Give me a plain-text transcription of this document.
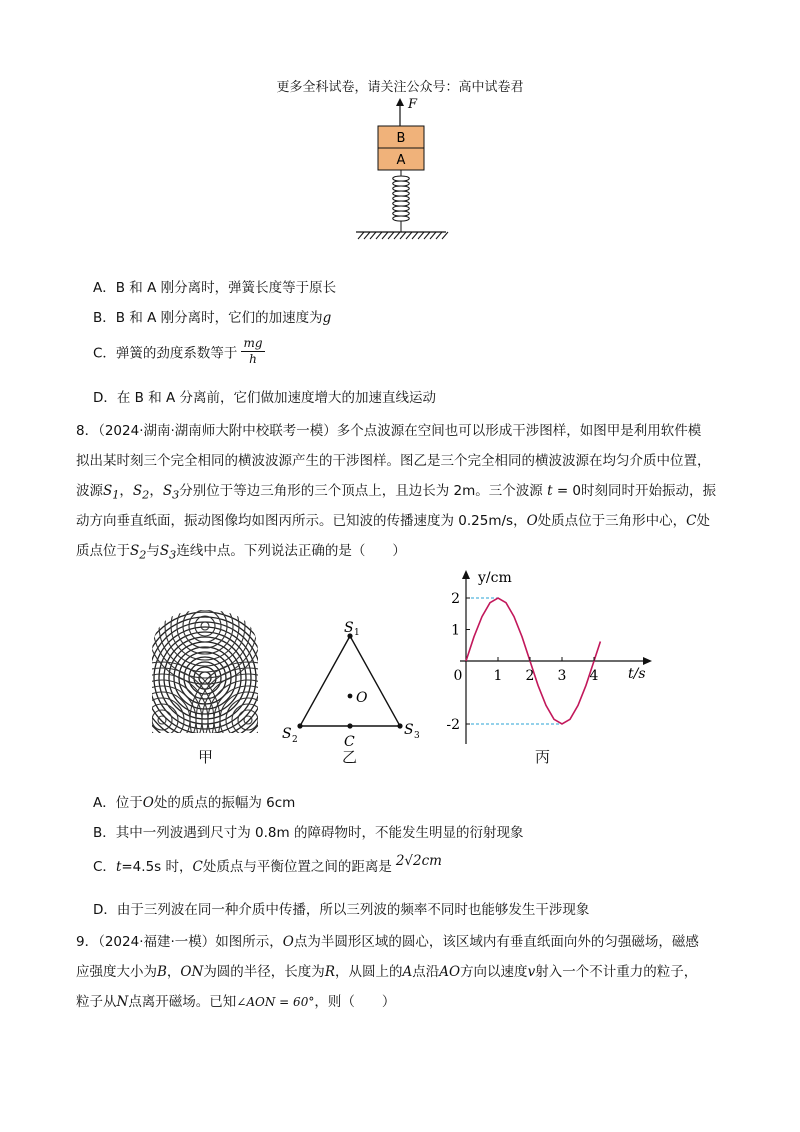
更多全科试卷，请关注公众号：高中试卷君
F
B
A
A．B 和 A 刚分离时，弹簧长度等于原长
B．B 和 A 刚分离时，它们的加速度为g
C．弹簧的劲度系数等于 $\frac{mg}{h}$
D．在 B 和 A 分离前，它们做加速度增大的加速直线运动
8．（2024·湖南·湖南师大附中校联考一模）多个点波源在空间也可以形成干涉图样，如图甲是利用软件模
拟出某时刻三个完全相同的横波波源产生的干涉图样。图乙是三个完全相同的横波波源在均匀介质中位置，
波源$S_1$，$S_2$，$S_3$分别位于等边三角形的三个顶点上，且边长为 2m。三个波源 t = 0时刻同时开始振动，振
动方向垂直纸面，振动图像均如图丙所示。已知波的传播速度为 0.25m/s，O处质点位于三角形中心，C处
质点位于$S_2$与$S_3$连线中点。下列说法正确的是（　　）
S 1
S 2
S 3
O
C
y/cm
t/s
0 1 2 3 4
2
1
-2
甲	乙	丙
A．位于O处的质点的振幅为 6cm
B．其中一列波遇到尺寸为 0.8m 的障碍物时，不能发生明显的衍射现象
C．t=4.5s 时，C处质点与平衡位置之间的距离是 2√2cm
D．由于三列波在同一种介质中传播，所以三列波的频率不同时也能够发生干涉现象
9．（2024·福建·一模）如图所示，O点为半圆形区域的圆心，该区域内有垂直纸面向外的匀强磁场，磁感
应强度大小为B，ON为圆的半径，长度为R，从圆上的A点沿AO方向以速度v射入一个不计重力的粒子，
粒子从N点离开磁场。已知∠AON = 60°，则（　　）
